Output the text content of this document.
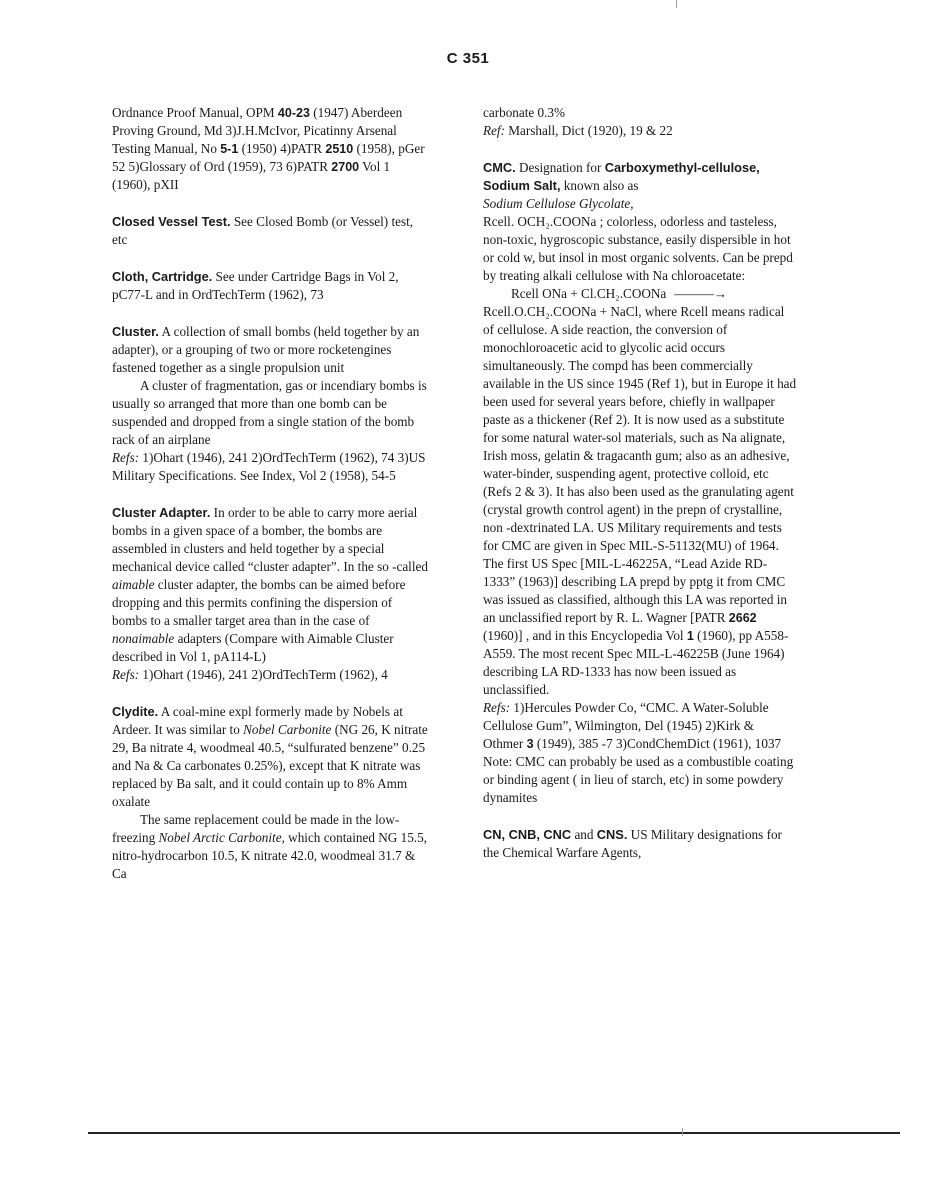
C 351

Ordnance Proof Manual, OPM 40-23 (1947) Aberdeen Proving Ground, Md 3)J.H.McIvor, Picatinny Arsenal Testing Manual, No 5-1 (1950) 4)PATR 2510 (1958), pGer 52 5)Glossary of Ord (1959), 73 6)PATR 2700 Vol 1 (1960), pXII

Closed Vessel Test. See Closed Bomb (or Vessel) test, etc

Cloth, Cartridge. See under Cartridge Bags in Vol 2, pC77-L and in OrdTechTerm (1962), 73

Cluster. A collection of small bombs (held together by an adapter), or a grouping of two or more rocketengines fastened together as a single propulsion unit

A cluster of fragmentation, gas or incendiary bombs is usually so arranged that more than one bomb can be suspended and dropped from a single station of the bomb rack of an airplane

Refs: 1)Ohart (1946), 241 2)OrdTechTerm (1962), 74 3)US Military Specifications. See Index, Vol 2 (1958), 54-5

Cluster Adapter. In order to be able to carry more aerial bombs in a given space of a bomber, the bombs are assembled in clusters and held together by a special mechanical device called “cluster adapter”. In the so -called aimable cluster adapter, the bombs can be aimed before dropping and this permits confining the dispersion of bombs to a smaller target area than in the case of nonaimable adapters (Compare with Aimable Cluster described in Vol 1, pA114-L)

Refs: 1)Ohart (1946), 241 2)OrdTechTerm (1962), 4

Clydite. A coal-mine expl formerly made by Nobels at Ardeer. It was similar to Nobel Carbonite (NG 26, K nitrate 29, Ba nitrate 4, woodmeal 40.5, “sulfurated benzene” 0.25 and Na & Ca carbonates 0.25%), except that K nitrate was replaced by Ba salt, and it could contain up to 8% Amm oxalate

The same replacement could be made in the low-freezing Nobel Arctic Carbonite, which contained NG 15.5, nitro-hydrocarbon 10.5, K nitrate 42.0, woodmeal 31.7 & Ca

carbonate 0.3%

Ref: Marshall, Dict (1920), 19 & 22

CMC. Designation for Carboxymethyl-cellulose, Sodium Salt, known also as
Sodium Cellulose Glycolate,
Rcell. OCH₂.COONa ; colorless, odorless and tasteless, non-toxic, hygroscopic substance, easily dispersible in hot or cold w, but insol in most organic solvents. Can be prepd by treating alkali cellulose with Na chloroacetate:
Rcell ONa + Cl.CH₂.COONa ———→
Rcell.O.CH₂.COONa + NaCl, where Rcell means radical of cellulose. A side reaction, the conversion of monochloroacetic acid to glycolic acid occurs simultaneously. The compd has been commercially available in the US since 1945 (Ref 1), but in Europe it had been used for several years before, chiefly in wallpaper paste as a thickener (Ref 2). It is now used as a substitute for some natural water-sol materials, such as Na alignate, Irish moss, gelatin & tragacanth gum; also as an adhesive, water-binder, suspending agent, protective colloid, etc (Refs 2 & 3). It has also been used as the granulating agent (crystal growth control agent) in the prepn of crystalline, non -dextrinated LA. US Military requirements and tests for CMC are given in Spec MIL-S-51132(MU) of 1964. The first US Spec [MIL-L-46225A, “Lead Azide RD-1333” (1963)] describing LA prepd by pptg it from CMC was issued as classified, although this LA was reported in an unclassified report by R. L. Wagner [PATR 2662 (1960)] , and in this Encyclopedia Vol 1 (1960), pp A558-A559. The most recent Spec MIL-L-46225B (June 1964) describing LA RD-1333 has now been issued as unclassified.

Refs: 1)Hercules Powder Co, “CMC. A Water-Soluble Cellulose Gum”, Wilmington, Del (1945) 2)Kirk & Othmer 3 (1949), 385 -7 3)CondChemDict (1961), 1037

Note: CMC can probably be used as a combustible coating or binding agent ( in lieu of starch, etc) in some powdery dynamites

CN, CNB, CNC and CNS. US Military designations for the Chemical Warfare Agents,
